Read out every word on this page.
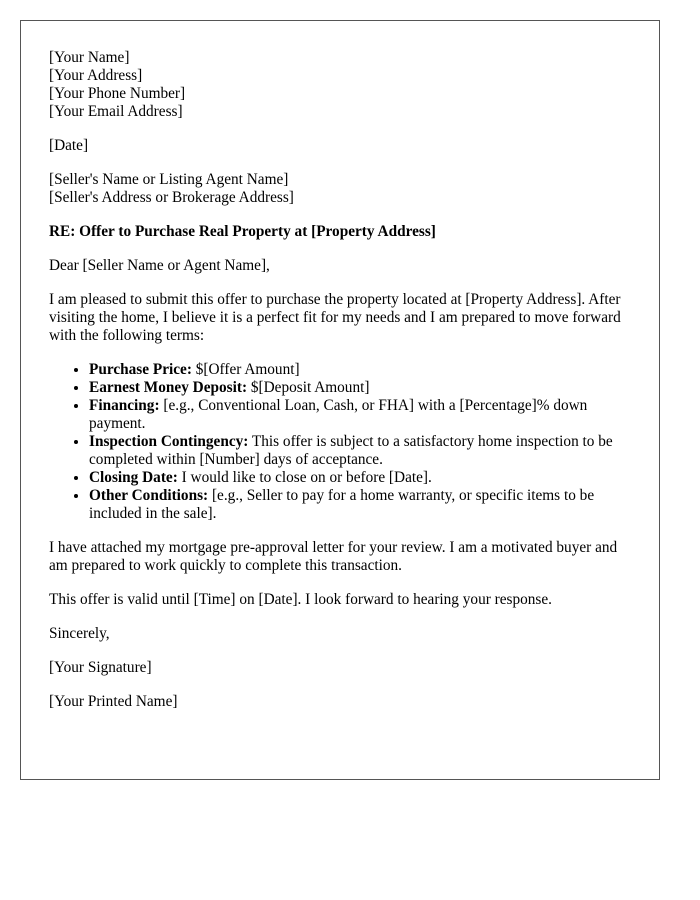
[Your Name]
[Your Address]
[Your Phone Number]
[Your Email Address]
[Date]
[Seller's Name or Listing Agent Name]
[Seller's Address or Brokerage Address]
RE: Offer to Purchase Real Property at [Property Address]
Dear [Seller Name or Agent Name],

I am pleased to submit this offer to purchase the property located at [Property Address]. After visiting the home, I believe it is a perfect fit for my needs and I am prepared to move forward with the following terms:

• Purchase Price: $[Offer Amount]
• Earnest Money Deposit: $[Deposit Amount]
• Financing: [e.g., Conventional Loan, Cash, or FHA] with a [Percentage]% down payment.
• Inspection Contingency: This offer is subject to a satisfactory home inspection to be completed within [Number] days of acceptance.
• Closing Date: I would like to close on or before [Date].
• Other Conditions: [e.g., Seller to pay for a home warranty, or specific items to be included in the sale].

I have attached my mortgage pre-approval letter for your review. I am a motivated buyer and am prepared to work quickly to complete this transaction.

This offer is valid until [Time] on [Date]. I look forward to hearing your response.

Sincerely,
[Your Signature]
[Your Printed Name]
